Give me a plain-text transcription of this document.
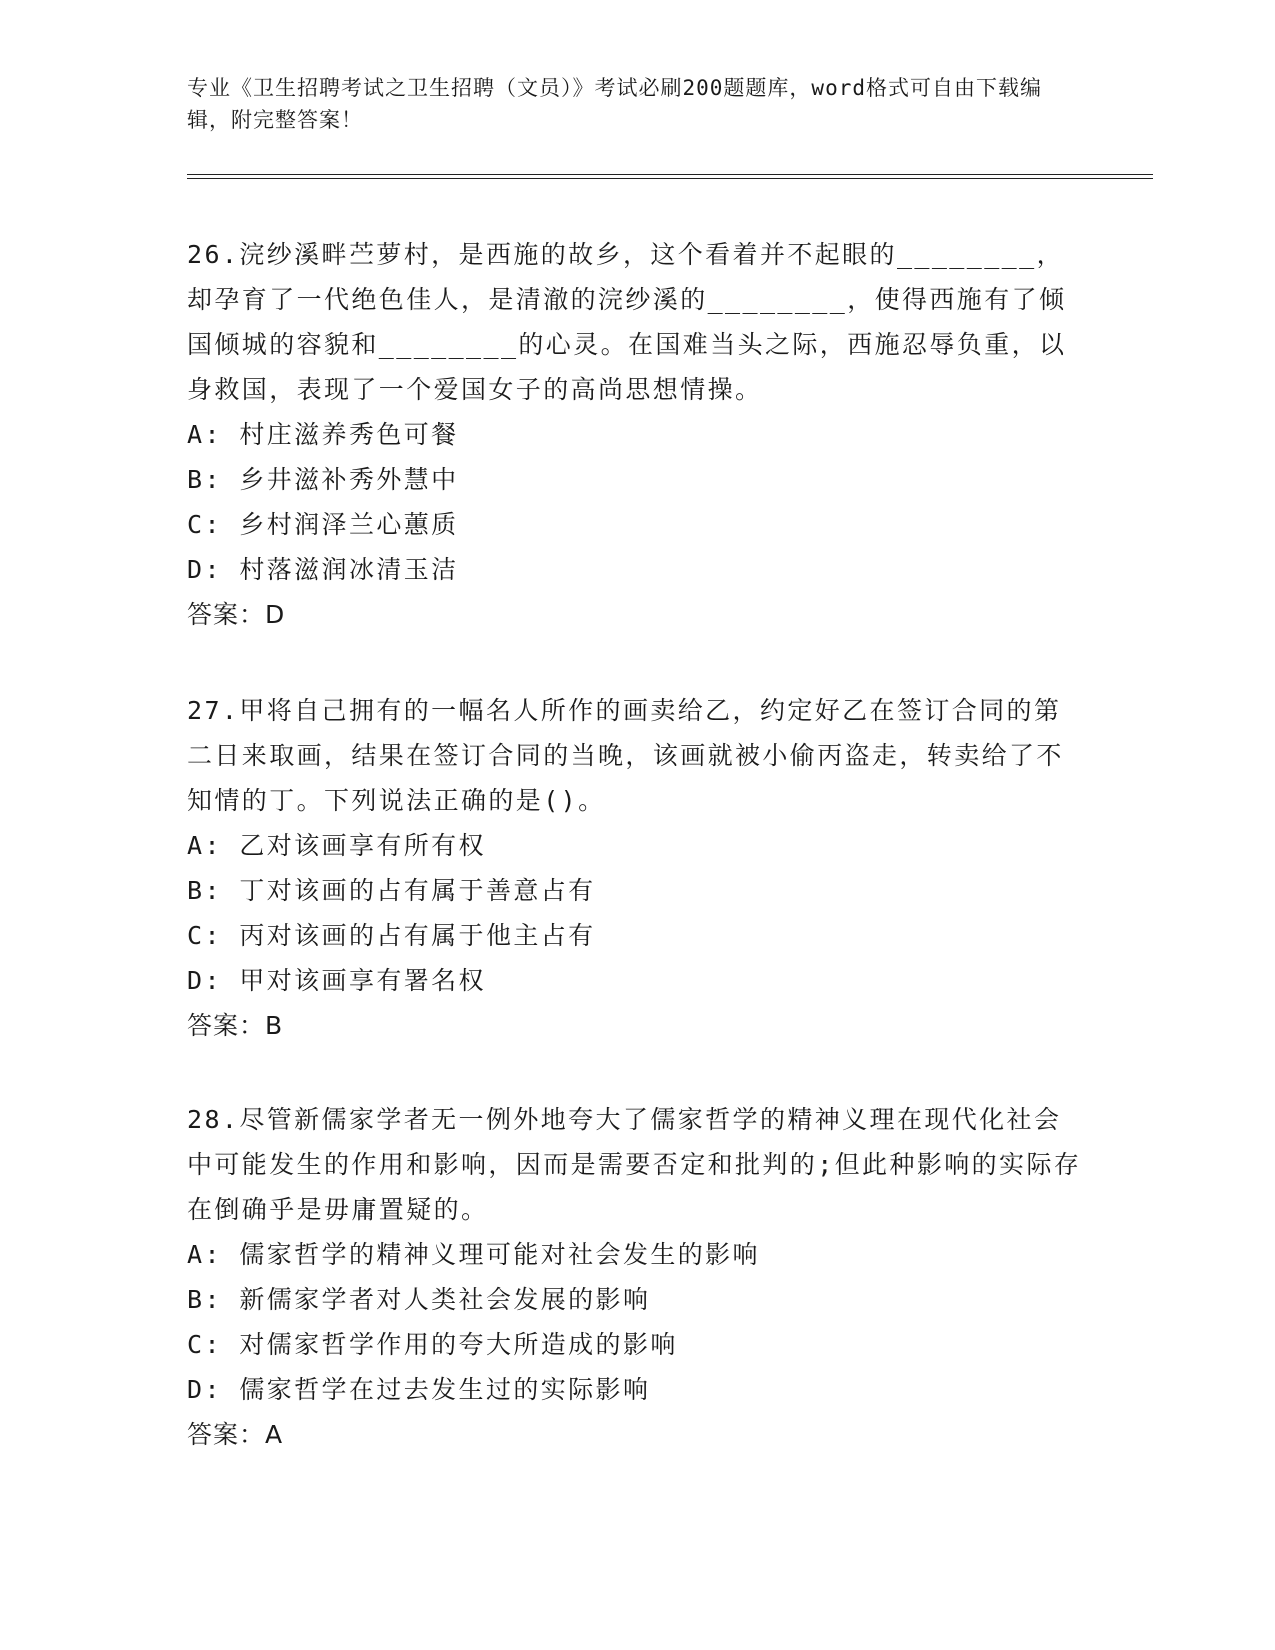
专业《卫生招聘考试之卫生招聘（文员）》考试必刷200题题库，word格式可自由下载编辑，附完整答案！

26.浣纱溪畔苎萝村，是西施的故乡，这个看着并不起眼的________，却孕育了一代绝色佳人，是清澈的浣纱溪的________，使得西施有了倾国倾城的容貌和________的心灵。在国难当头之际，西施忍辱负重，以身救国，表现了一个爱国女子的高尚思想情操。

A: 村庄滋养秀色可餐

B: 乡井滋补秀外慧中

C: 乡村润泽兰心蕙质

D: 村落滋润冰清玉洁

答案：D

27.甲将自己拥有的一幅名人所作的画卖给乙，约定好乙在签订合同的第二日来取画，结果在签订合同的当晚，该画就被小偷丙盗走，转卖给了不知情的丁。下列说法正确的是()。

A: 乙对该画享有所有权

B: 丁对该画的占有属于善意占有

C: 丙对该画的占有属于他主占有

D: 甲对该画享有署名权

答案：B

28.尽管新儒家学者无一例外地夸大了儒家哲学的精神义理在现代化社会中可能发生的作用和影响，因而是需要否定和批判的;但此种影响的实际存在倒确乎是毋庸置疑的。

A: 儒家哲学的精神义理可能对社会发生的影响

B: 新儒家学者对人类社会发展的影响

C: 对儒家哲学作用的夸大所造成的影响

D: 儒家哲学在过去发生过的实际影响

答案：A
